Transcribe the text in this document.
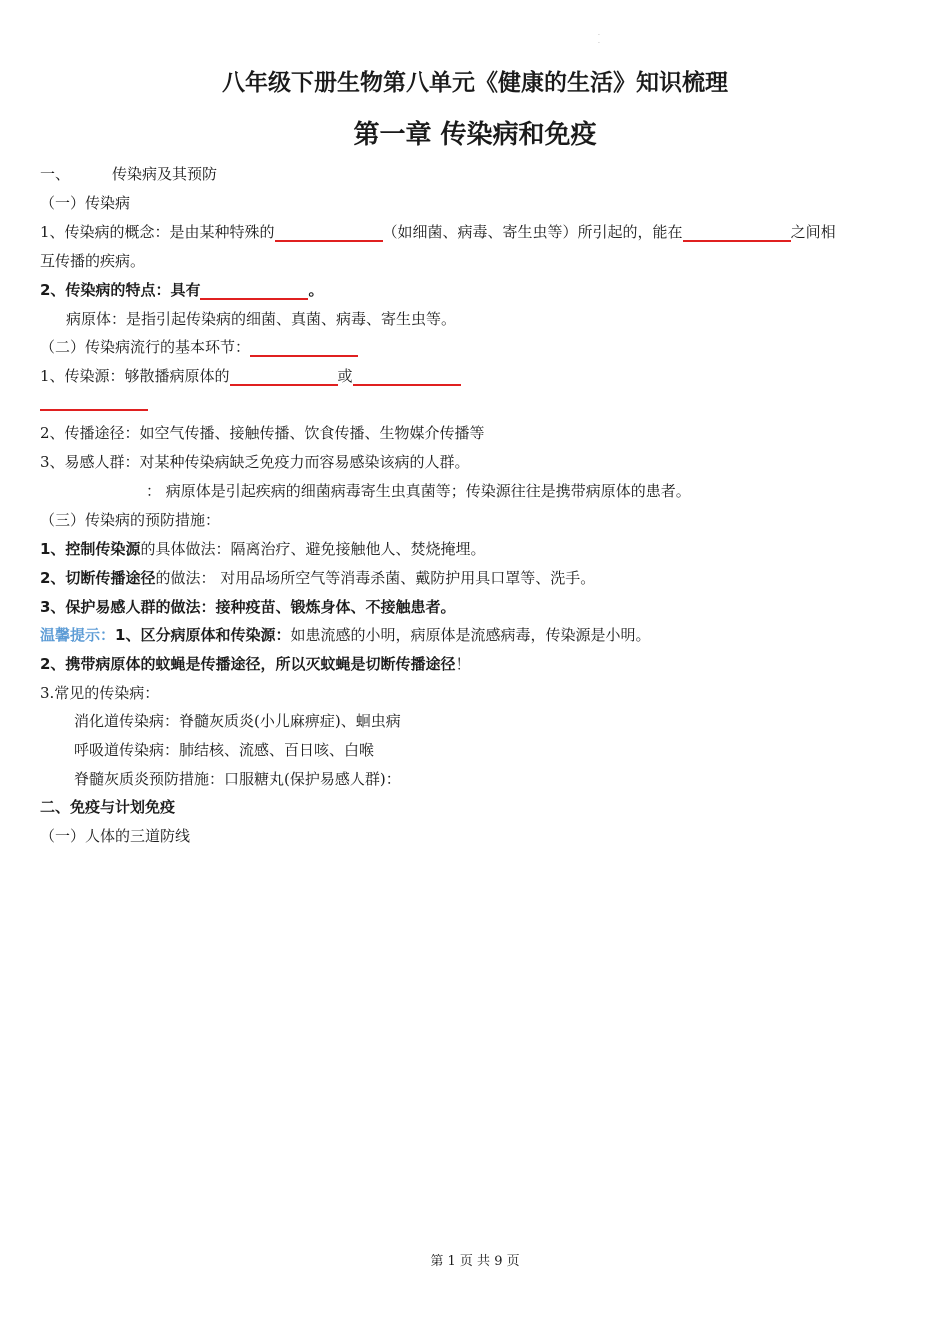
.
.
八年级下册生物第八单元《健康的生活》知识梳理
第一章 传染病和免疫
一、	传染病及其预防
（一）传染病
1、传染病的概念：是由某种特殊的	（如细菌、病毒、寄生虫等）所引起的，能在	之间相
互传播的疾病。
2、传染病的特点：具有	。
病原体：是指引起传染病的细菌、真菌、病毒、寄生虫等。
（二）传染病流行的基本环节：
1、传染源：够散播病原体的	或
2、传播途径：如空气传播、接触传播、饮食传播、生物媒介传播等
3、易感人群：对某种传染病缺乏免疫力而容易感染该病的人群。
： 病原体是引起疾病的细菌病毒寄生虫真菌等；传染源往往是携带病原体的患者。
（三）传染病的预防措施：
1、控制传染源的具体做法：隔离治疗、避免接触他人、焚烧掩埋。
2、切断传播途径的做法： 对用品场所空气等消毒杀菌、戴防护用具口罩等、洗手。
3、保护易感人群的做法：接种疫苗、锻炼身体、不接触患者。
温馨提示：1、区分病原体和传染源：如患流感的小明，病原体是流感病毒，传染源是小明。
2、携带病原体的蚊蝇是传播途径，所以灭蚊蝇是切断传播途径！
3.常见的传染病：
消化道传染病：脊髓灰质炎(小儿麻痹症)、蛔虫病
呼吸道传染病：肺结核、流感、百日咳、白喉
脊髓灰质炎预防措施：口服糖丸(保护易感人群)：
二、免疫与计划免疫
（一）人体的三道防线
第 1 页 共 9 页
